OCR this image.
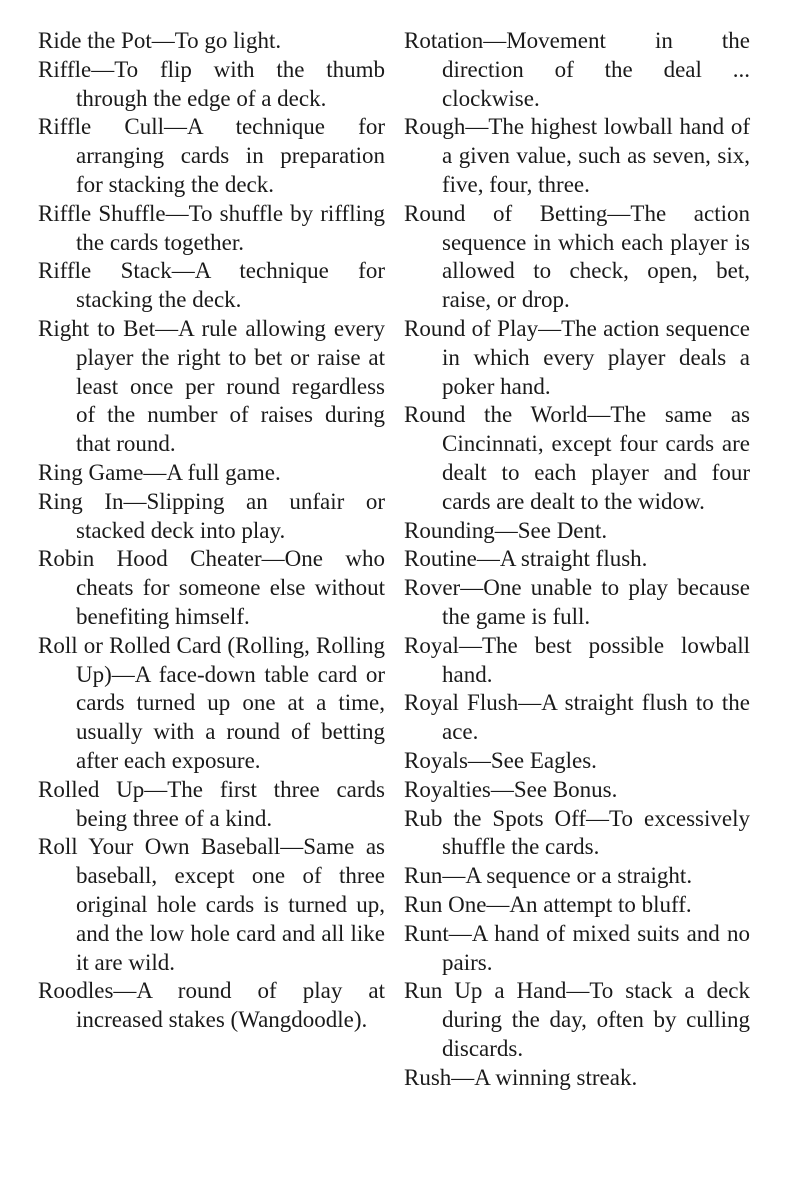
Ride the Pot—To go light.

Riffle—To flip with the thumb through the edge of a deck.

Riffle Cull—A technique for arranging cards in preparation for stacking the deck.

Riffle Shuffle—To shuffle by riffling the cards together.

Riffle Stack—A technique for stacking the deck.

Right to Bet—A rule allowing every player the right to bet or raise at least once per round regardless of the number of raises during that round.

Ring Game—A full game.

Ring In—Slipping an unfair or stacked deck into play.

Robin Hood Cheater—One who cheats for someone else without benefiting himself.

Roll or Rolled Card (Rolling, Rolling Up)—A face-down table card or cards turned up one at a time, usually with a round of betting after each exposure.

Rolled Up—The first three cards being three of a kind.

Roll Your Own Baseball—Same as baseball, except one of three original hole cards is turned up, and the low hole card and all like it are wild.

Roodles—A round of play at increased stakes (Wangdoodle).

Rotation—Movement in the direction of the deal ... clockwise.

Rough—The highest lowball hand of a given value, such as seven, six, five, four, three.

Round of Betting—The action sequence in which each player is allowed to check, open, bet, raise, or drop.

Round of Play—The action sequence in which every player deals a poker hand.

Round the World—The same as Cincinnati, except four cards are dealt to each player and four cards are dealt to the widow.

Rounding—See Dent.

Routine—A straight flush.

Rover—One unable to play because the game is full.

Royal—The best possible lowball hand.

Royal Flush—A straight flush to the ace.

Royals—See Eagles.

Royalties—See Bonus.

Rub the Spots Off—To excessively shuffle the cards.

Run—A sequence or a straight.

Run One—An attempt to bluff.

Runt—A hand of mixed suits and no pairs.

Run Up a Hand—To stack a deck during the day, often by culling discards.

Rush—A winning streak.
